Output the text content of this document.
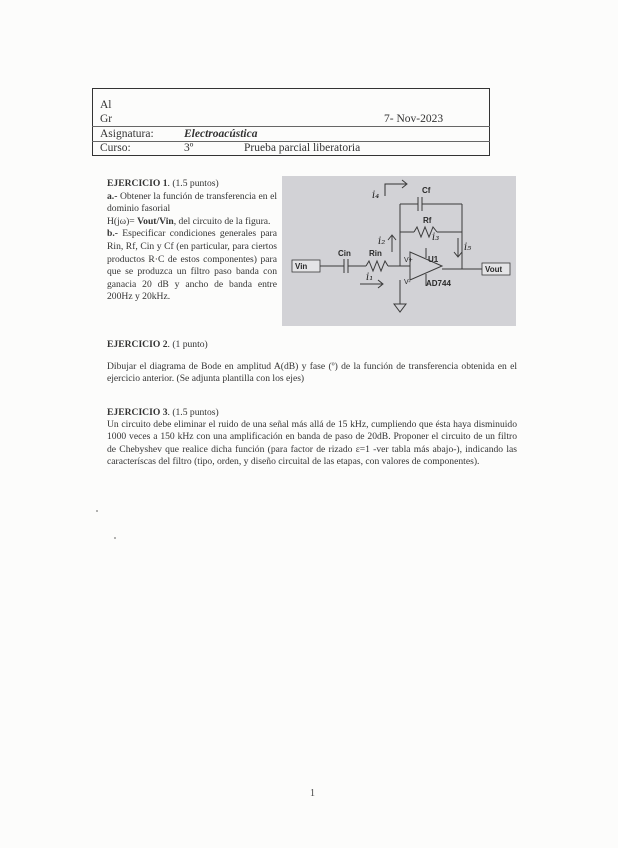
Al
Gr	7- Nov-2023
Asignatura:	Electroacústica
Curso:	3º	Prueba parcial liberatoria

EJERCICIO 1. (1.5 puntos)

a.- Obtener la función de transferencia en el dominio fasorial

H(jω)= Vout/Vin, del circuito de la figura.

b.- Especificar condiciones generales para Rin, Rf, Cin y Cf (en particular, para ciertos productos R·C de estos componentes) para que se produzca un filtro paso banda con ganacia 20 dB y ancho de banda entre 200Hz y 20kHz.

Cf
Rf
Cin Rin
U1
Vin	Vout
AD744
V+
V-
i₄
i₂	i₃
i₅
i₁
EJERCICIO 2. (1 punto)
Dibujar el diagrama de Bode en amplitud A(dB) y fase (º) de la función de transferencia obtenida en el ejercicio anterior. (Se adjunta plantilla con los ejes)
EJERCICIO 3. (1.5 puntos)
Un circuito debe eliminar el ruido de una señal más allá de 15 kHz, cumpliendo que ésta haya disminuido 1000 veces a 150 kHz con una amplificación en banda de paso de 20dB. Proponer el circuito de un filtro de Chebyshev que realice dicha función (para factor de rizado ε=1 -ver tabla más abajo-), indicando las caracteríscas del filtro (tipo, orden, y diseño circuital de las etapas, con valores de componentes).
1
